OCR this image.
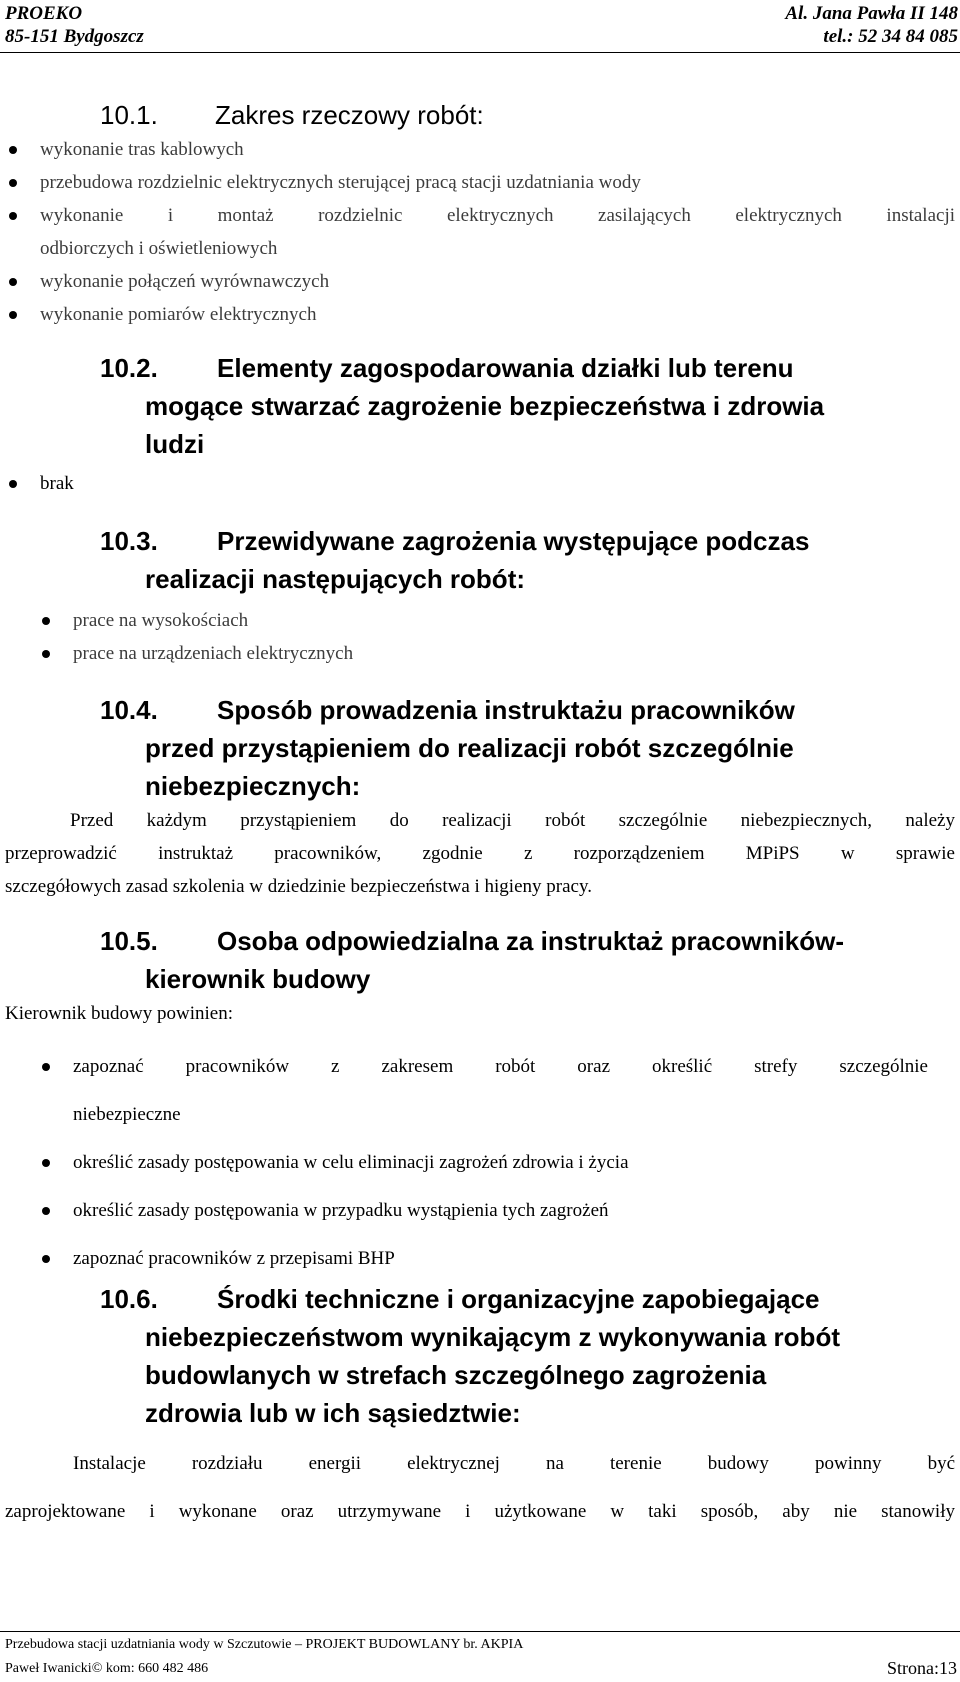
PROEKO
85-151 Bydgoszcz
Al. Jana Pawła II 148
tel.: 52 34 84 085
10.1.	Zakres rzeczowy robót:
wykonanie tras kablowych
przebudowa rozdzielnic elektrycznych sterującej pracą stacji uzdatniania wody
wykonanie i montaż rozdzielnic elektrycznych zasilających elektrycznych instalacji
odbiorczych i oświetleniowych
wykonanie połączeń wyrównawczych
wykonanie pomiarów elektrycznych
10.2.	Elementy zagospodarowania działki lub terenu
mogące stwarzać zagrożenie bezpieczeństwa i zdrowia
ludzi
brak
10.3.	Przewidywane zagrożenia występujące podczas
realizacji następujących robót:
prace na wysokościach
prace na urządzeniach elektrycznych
10.4.	Sposób prowadzenia instruktażu pracowników
przed przystąpieniem do realizacji robót szczególnie
niebezpiecznych:
Przed każdym przystąpieniem do realizacji robót szczególnie niebezpiecznych, należy
przeprowadzić instruktaż pracowników, zgodnie z rozporządzeniem MPiPS w sprawie
szczegółowych zasad szkolenia w dziedzinie bezpieczeństwa i higieny pracy.
10.5.	Osoba odpowiedzialna za instruktaż pracowników-
kierownik budowy
Kierownik budowy powinien:
zapoznać pracowników z zakresem robót oraz określić strefy szczególnie
niebezpieczne
określić zasady postępowania w celu eliminacji zagrożeń zdrowia i życia
określić zasady postępowania w przypadku wystąpienia tych zagrożeń
zapoznać pracowników z przepisami BHP
10.6.	Środki techniczne i organizacyjne zapobiegające
niebezpieczeństwom wynikającym z wykonywania robót
budowlanych w strefach szczególnego zagrożenia
zdrowia lub w ich sąsiedztwie:
Instalacje rozdziału energii elektrycznej na terenie budowy powinny być
zaprojektowane i wykonane oraz utrzymywane i użytkowane w taki sposób, aby nie stanowiły
Przebudowa stacji uzdatniania wody w Szczutowie – PROJEKT BUDOWLANY br. AKPIA
Paweł Iwanicki© kom: 660 482 486	Strona:13
